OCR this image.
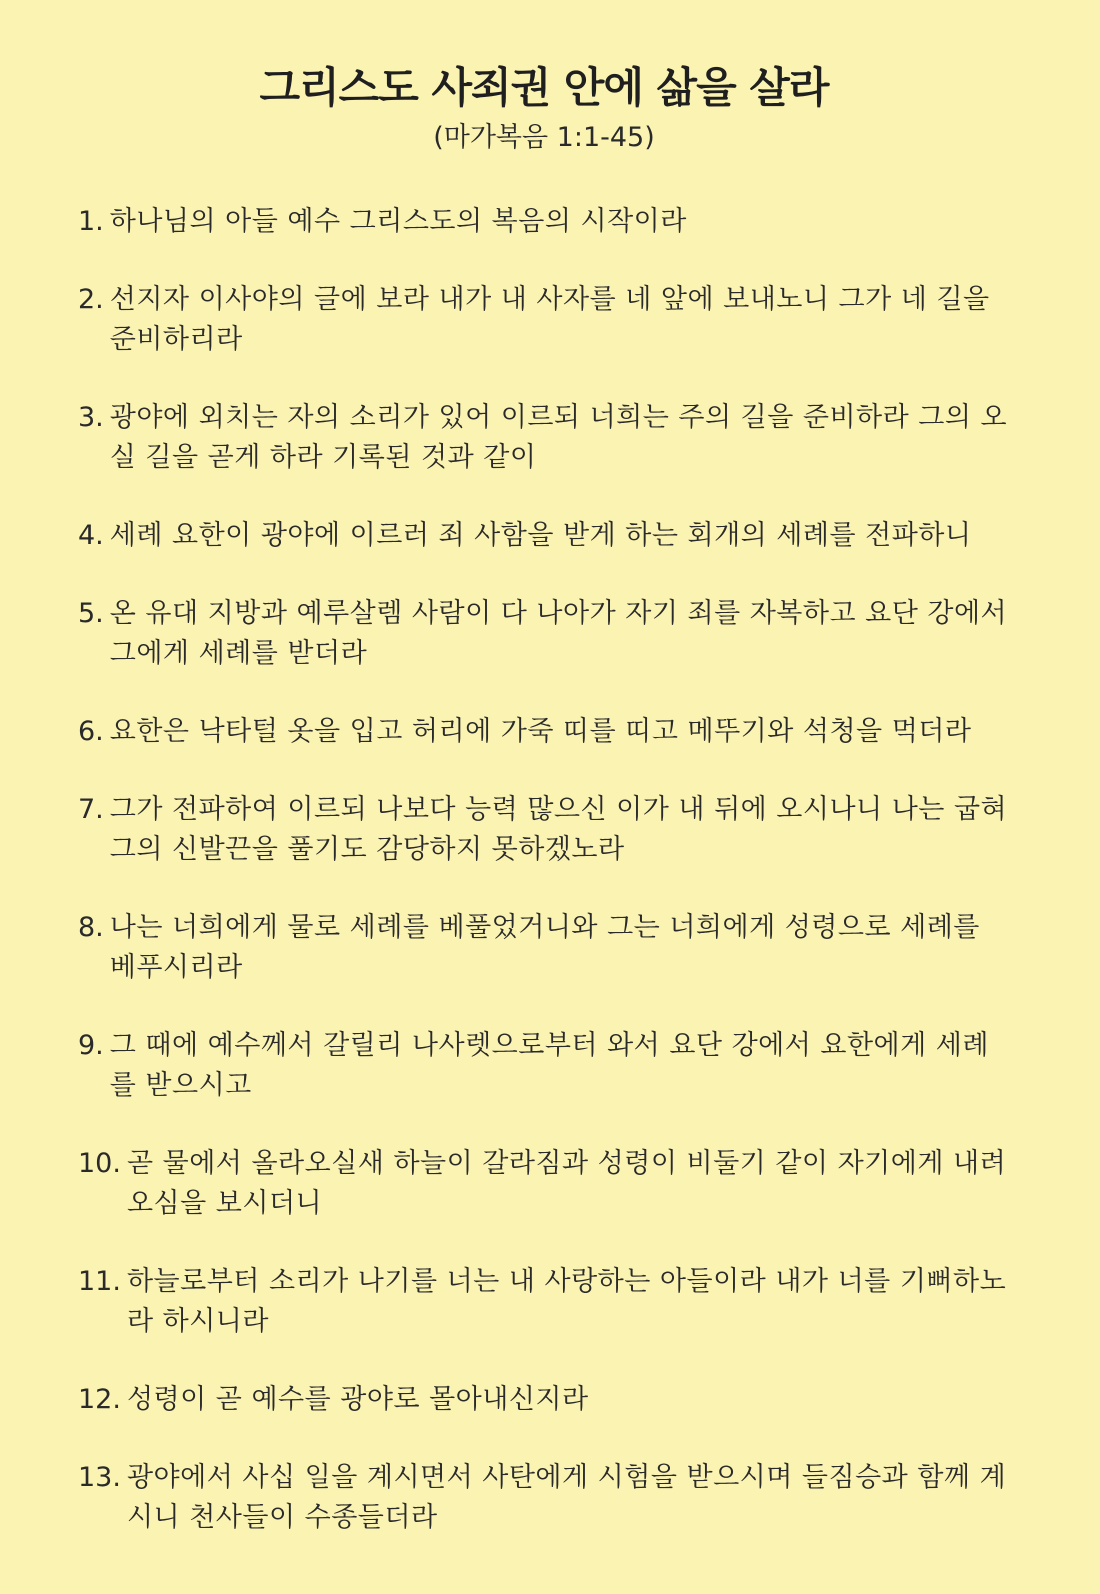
그리스도 사죄권 안에 삶을 살라

(마가복음 1:1-45)

1. 하나님의 아들 예수 그리스도의 복음의 시작이라
2. 선지자 이사야의 글에 보라 내가 내 사자를 네 앞에 보내노니 그가 네 길을 준비하리라
3. 광야에 외치는 자의 소리가 있어 이르되 너희는 주의 길을 준비하라 그의 오실 길을 곧게 하라 기록된 것과 같이
4. 세례 요한이 광야에 이르러 죄 사함을 받게 하는 회개의 세례를 전파하니
5. 온 유대 지방과 예루살렘 사람이 다 나아가 자기 죄를 자복하고 요단 강에서 그에게 세례를 받더라
6. 요한은 낙타털 옷을 입고 허리에 가죽 띠를 띠고 메뚜기와 석청을 먹더라
7. 그가 전파하여 이르되 나보다 능력 많으신 이가 내 뒤에 오시나니 나는 굽혀 그의 신발끈을 풀기도 감당하지 못하겠노라
8. 나는 너희에게 물로 세례를 베풀었거니와 그는 너희에게 성령으로 세례를 베푸시리라
9. 그 때에 예수께서 갈릴리 나사렛으로부터 와서 요단 강에서 요한에게 세례를 받으시고
10. 곧 물에서 올라오실새 하늘이 갈라짐과 성령이 비둘기 같이 자기에게 내려오심을 보시더니
11. 하늘로부터 소리가 나기를 너는 내 사랑하는 아들이라 내가 너를 기뻐하노라 하시니라
12. 성령이 곧 예수를 광야로 몰아내신지라
13. 광야에서 사십 일을 계시면서 사탄에게 시험을 받으시며 들짐승과 함께 계시니 천사들이 수종들더라
